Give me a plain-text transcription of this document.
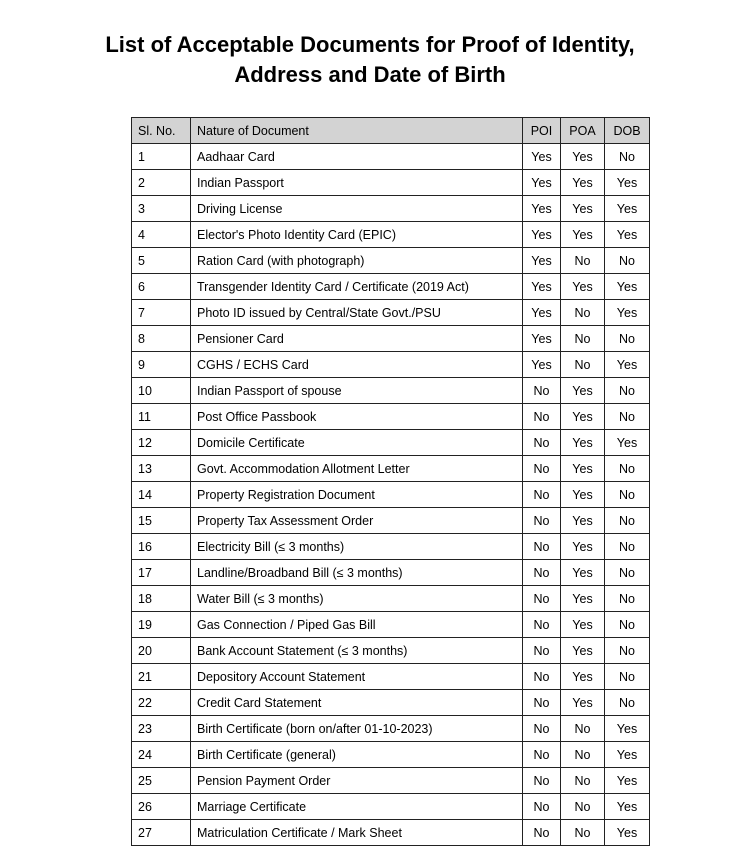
List of Acceptable Documents for Proof of Identity,
Address and Date of Birth
Sl. No.	Nature of Document	POI	POA	DOB
1	Aadhaar Card	Yes	Yes	No
2	Indian Passport	Yes	Yes	Yes
3	Driving License	Yes	Yes	Yes
4	Elector's Photo Identity Card (EPIC)	Yes	Yes	Yes
5	Ration Card (with photograph)	Yes	No	No
6	Transgender Identity Card / Certificate (2019 Act)	Yes	Yes	Yes
7	Photo ID issued by Central/State Govt./PSU	Yes	No	Yes
8	Pensioner Card	Yes	No	No
9	CGHS / ECHS Card	Yes	No	Yes
10	Indian Passport of spouse	No	Yes	No
11	Post Office Passbook	No	Yes	No
12	Domicile Certificate	No	Yes	Yes
13	Govt. Accommodation Allotment Letter	No	Yes	No
14	Property Registration Document	No	Yes	No
15	Property Tax Assessment Order	No	Yes	No
16	Electricity Bill (≤ 3 months)	No	Yes	No
17	Landline/Broadband Bill (≤ 3 months)	No	Yes	No
18	Water Bill (≤ 3 months)	No	Yes	No
19	Gas Connection / Piped Gas Bill	No	Yes	No
20	Bank Account Statement (≤ 3 months)	No	Yes	No
21	Depository Account Statement	No	Yes	No
22	Credit Card Statement	No	Yes	No
23	Birth Certificate (born on/after 01-10-2023)	No	No	Yes
24	Birth Certificate (general)	No	No	Yes
25	Pension Payment Order	No	No	Yes
26	Marriage Certificate	No	No	Yes
27	Matriculation Certificate / Mark Sheet	No	No	Yes
